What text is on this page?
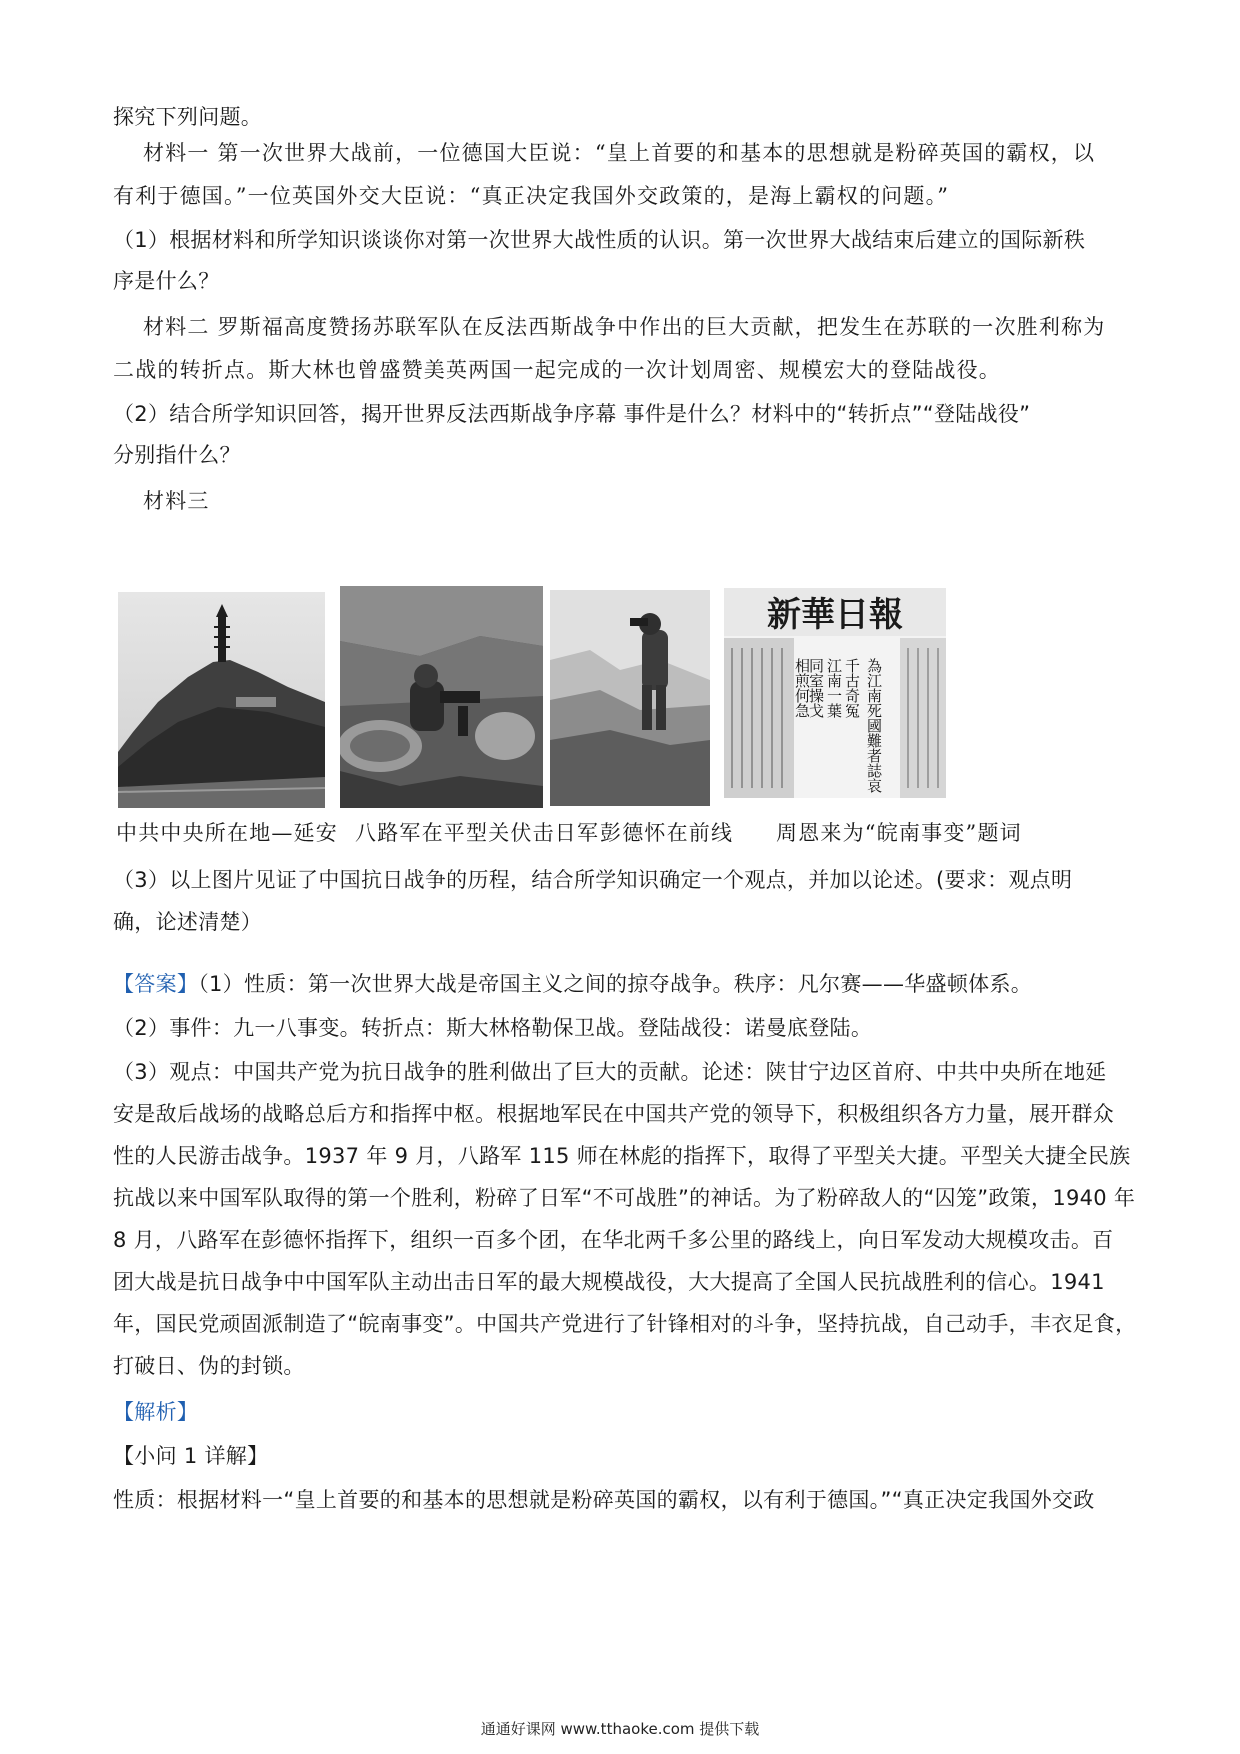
探究下列问题。
材料一 第一次世界大战前，一位德国大臣说：“皇上首要的和基本的思想就是粉碎英国的霸权，以
有利于德国。”一位英国外交大臣说：“真正决定我国外交政策的，是海上霸权的问题。”
（1）根据材料和所学知识谈谈你对第一次世界大战性质的认识。第一次世界大战结束后建立的国际新秩
序是什么？
材料二 罗斯福高度赞扬苏联军队在反法西斯战争中作出的巨大贡献，把发生在苏联的一次胜利称为
二战的转折点。斯大林也曾盛赞美英两国一起完成的一次计划周密、规模宏大的登陆战役。
（2）结合所学知识回答，揭开世界反法西斯战争序幕 事件是什么？材料中的“转折点”“登陆战役”
分别指什么？
材料三
新華日報
為江南死國難者誌哀
千古奇冤
江南一葉
同室操戈
相煎何急
中共中央所在地—延安 八路军在平型关伏击日军 彭德怀在前线	周恩来为“皖南事变”题词
（3）以上图片见证了中国抗日战争的历程，结合所学知识确定一个观点，并加以论述。(要求：观点明
确，论述清楚）
【答案】（1）性质：第一次世界大战是帝国主义之间的掠夺战争。秩序：凡尔赛——华盛顿体系。
（2）事件：九一八事变。转折点：斯大林格勒保卫战。登陆战役：诺曼底登陆。
（3）观点：中国共产党为抗日战争的胜利做出了巨大的贡献。论述：陕甘宁边区首府、中共中央所在地延
安是敌后战场的战略总后方和指挥中枢。根据地军民在中国共产党的领导下，积极组织各方力量，展开群众
性的人民游击战争。1937 年 9 月，八路军 115 师在林彪的指挥下，取得了平型关大捷。平型关大捷全民族
抗战以来中国军队取得的第一个胜利，粉碎了日军“不可战胜”的神话。为了粉碎敌人的“囚笼”政策，1940 年
8 月，八路军在彭德怀指挥下，组织一百多个团，在华北两千多公里的路线上，向日军发动大规模攻击。百
团大战是抗日战争中中国军队主动出击日军的最大规模战役，大大提高了全国人民抗战胜利的信心。1941
年，国民党顽固派制造了“皖南事变”。中国共产党进行了针锋相对的斗争，坚持抗战，自己动手，丰衣足食，
打破日、伪的封锁。
【解析】
【小问 1 详解】
性质：根据材料一“皇上首要的和基本的思想就是粉碎英国的霸权，以有利于德国。”“真正决定我国外交政
通通好课网 www.tthaoke.com 提供下载
